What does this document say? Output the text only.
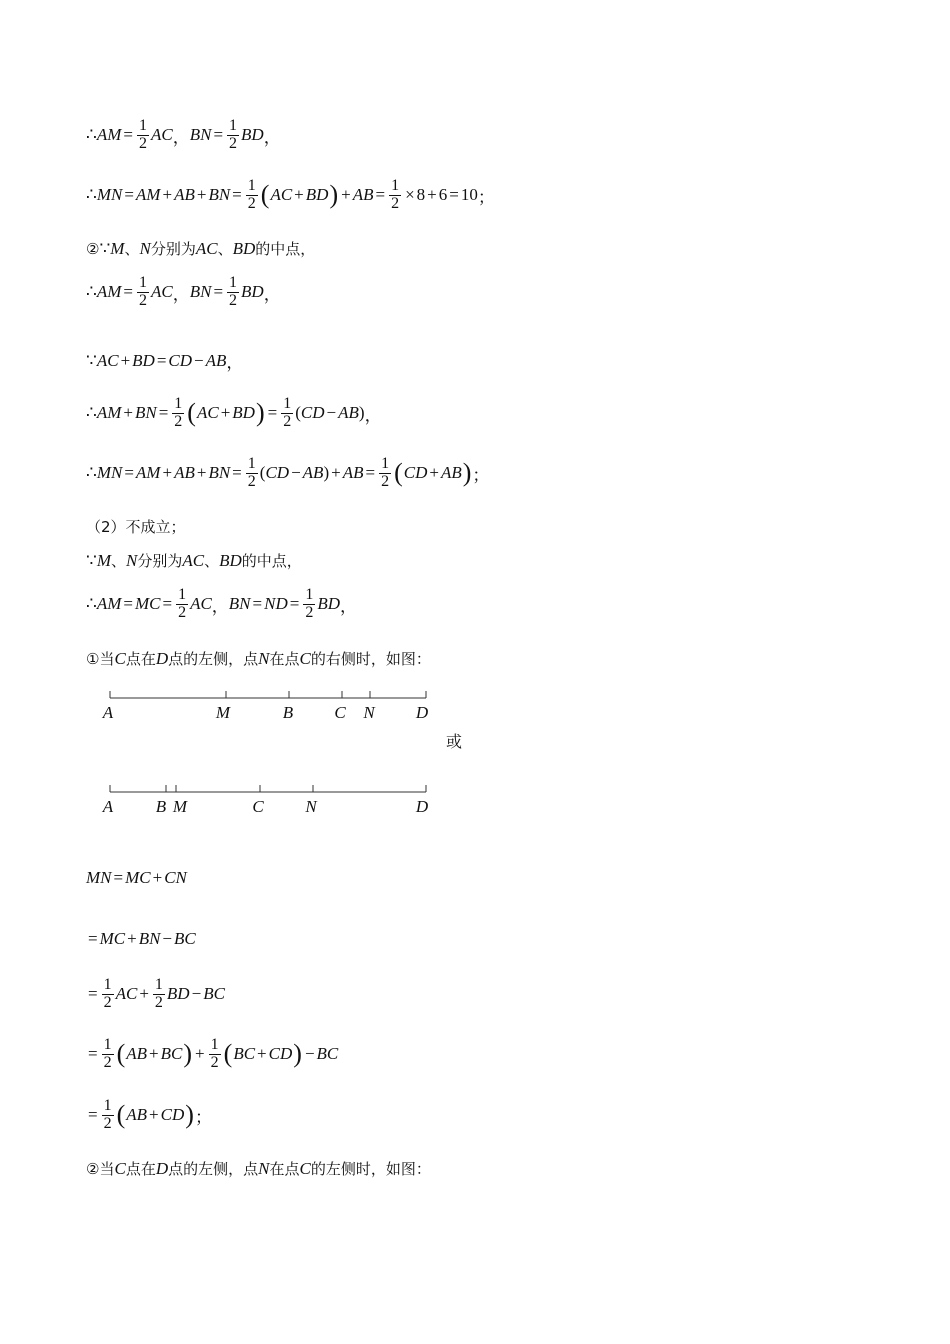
∴ AM = $\frac{1}{2}$ AC ， BN = $\frac{1}{2}$ BD ，
∴ MN = AM + AB + BN = $\frac{1}{2}$ ( AC + BD ) + AB = $\frac{1}{2} \times 8 + 6 = 10$ ；
② ∵ M 、 N 分别为 AC 、 BD 的中点，
∴ AM = $\frac{1}{2}$ AC ， BN = $\frac{1}{2}$ BD ，
∵ AC + BD = CD − AB ，
∴ AM + BN = $\frac{1}{2}$ ( AC + BD ) = $\frac{1}{2}$ ( CD − AB ) ，
∴ MN = AM + AB + BN = $\frac{1}{2}$ ( CD − AB ) + AB = $\frac{1}{2}$ ( CD + AB ) ；
（2）不成立；
∵ M 、 N 分别为 AC 、 BD 的中点，
∴ AM = MC = $\frac{1}{2}$ AC ， BN = ND = $\frac{1}{2}$ BD ，
① 当 C 点在 D 点的左侧，点 N 在点 C 的右侧时，如图：
A	M	B C N D
或
A	B M	C N	D
MN = MC + CN
= MC + BN − BC
= $\frac{1}{2}$ AC + $\frac{1}{2}$ BD − BC
= $\frac{1}{2}$ ( AB + BC ) + $\frac{1}{2}$ ( BC + CD ) − BC
= $\frac{1}{2}$ ( AB + CD ) ；
② 当 C 点在 D 点的左侧，点 N 在点 C 的左侧时，如图：
